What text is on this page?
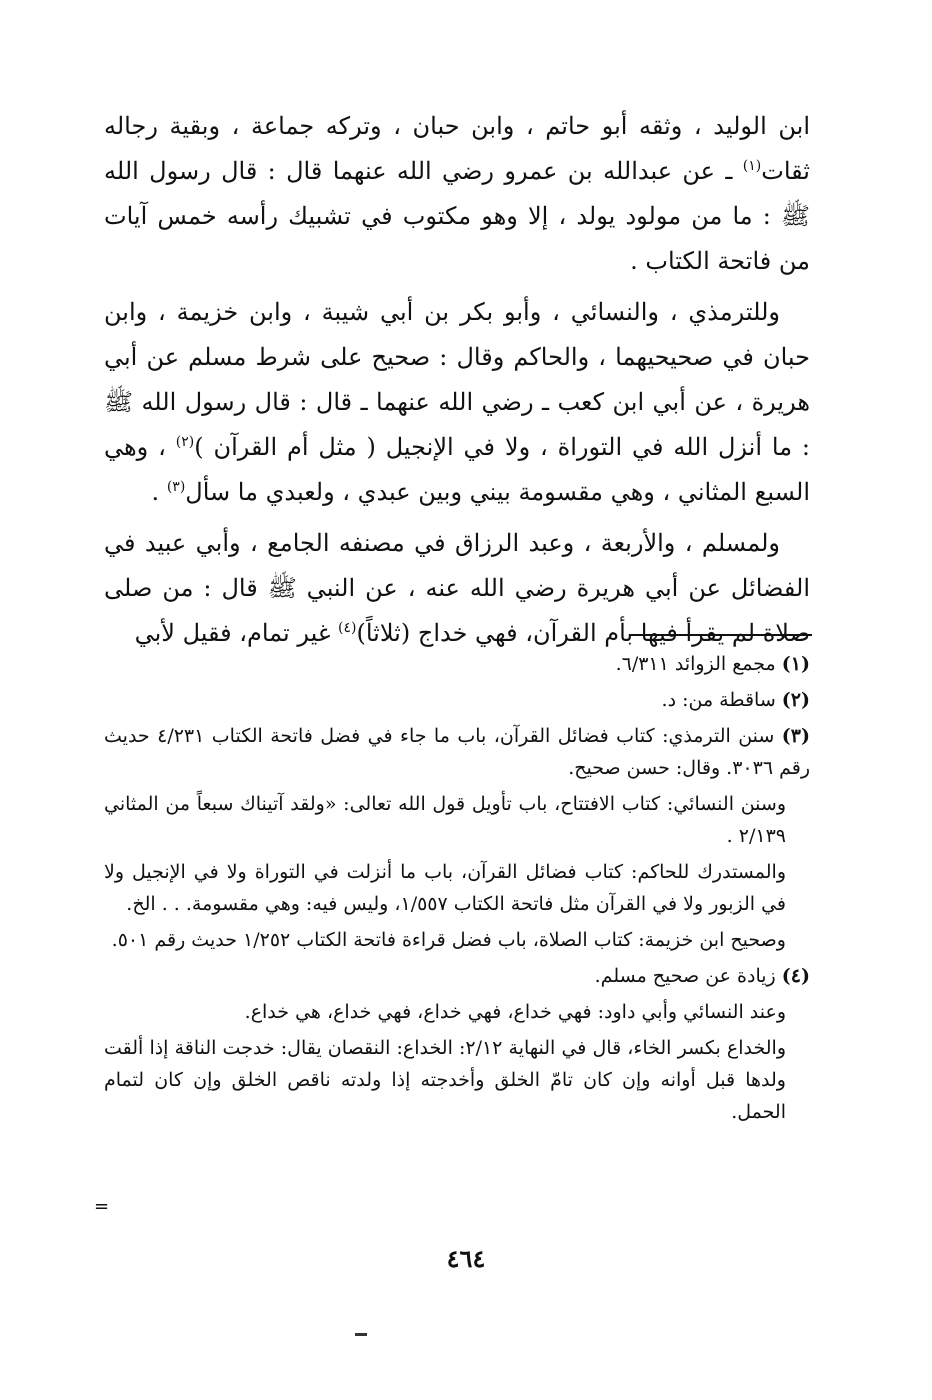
ابن الوليد ، وثقه أبو حاتم ، وابن حبان ، وتركه جماعة ، وبقية رجاله ثقات$^{(١)}$ ـ عن عبدالله بن عمرو رضي الله عنهما قال : قال رسول الله ﷺ : ما من مولود يولد ، إلا وهو مكتوب في تشبيك رأسه خمس آيات من فاتحة الكتاب .

وللترمذي ، والنسائي ، وأبو بكر بن أبي شيبة ، وابن خزيمة ، وابن حبان في صحيحيهما ، والحاكم وقال : صحيح على شرط مسلم عن أبي هريرة ، عن أبي ابن كعب ـ رضي الله عنهما ـ قال : قال رسول الله ﷺ : ما أنزل الله في التوراة ، ولا في الإنجيل ( مثل أم القرآن )$^{(٢)}$ ، وهي السبع المثاني ، وهي مقسومة بيني وبين عبدي ، ولعبدي ما سأل$^{(٣)}$ .

ولمسلم ، والأربعة ، وعبد الرزاق في مصنفه الجامع ، وأبي عبيد في الفضائل عن أبي هريرة رضي الله عنه ، عن النبي ﷺ قال : من صلى صلاة لم يقرأ فيها بأم القرآن، فهي خداج (ثلاثاً)$^{(٤)}$ غير تمام، فقيل لأبي

(١) مجمع الزوائد ٦/٣١١.
(٢) ساقطة من: د.
(٣) سنن الترمذي: كتاب فضائل القرآن، باب ما جاء في فضل فاتحة الكتاب ٤/٢٣١ حديث رقم ٣٠٣٦. وقال: حسن صحيح.
وسنن النسائي: كتاب الافتتاح، باب تأويل قول الله تعالى: «ولقد آتيناك سبعاً من المثاني ٢/١٣٩ .
والمستدرك للحاكم: كتاب فضائل القرآن، باب ما أنزلت في التوراة ولا في الإنجيل ولا في الزبور ولا في القرآن مثل فاتحة الكتاب ١/٥٥٧، وليس فيه: وهي مقسومة. . . الخ.
وصحيح ابن خزيمة: كتاب الصلاة، باب فضل قراءة فاتحة الكتاب ١/٢٥٢ حديث رقم ٥٠١.
(٤) زيادة عن صحيح مسلم.
وعند النسائي وأبي داود: فهي خداع، فهي خداع، فهي خداع، هي خداع.
والخداع بكسر الخاء، قال في النهاية ٢/١٢: الخداع: النقصان يقال: خدجت الناقة إذا ألقت ولدها قبل أوانه وإن كان تامّ الخلق وأخدجته إذا ولدته ناقص الخلق وإن كان لتمام الحمل.
=
٤٦٤
